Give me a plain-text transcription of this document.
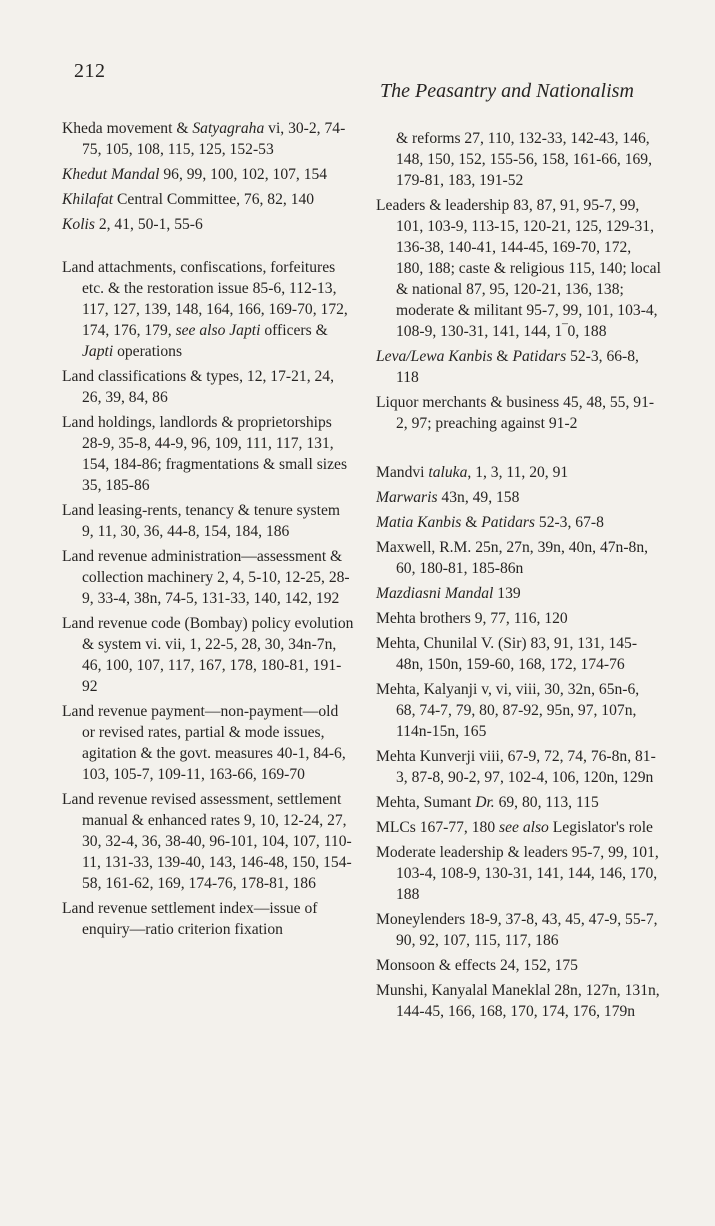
212
The Peasantry and Nationalism

Kheda movement & Satyagraha vi, 30-2, 74-75, 105, 108, 115, 125, 152-53

Khedut Mandal 96, 99, 100, 102, 107, 154

Khilafat Central Committee, 76, 82, 140

Kolis 2, 41, 50-1, 55-6

Land attachments, confiscations, forfeitures etc. & the restoration issue 85-6, 112-13, 117, 127, 139, 148, 164, 166, 169-70, 172, 174, 176, 179, see also Japti officers & Japti operations

Land classifications & types, 12, 17-21, 24, 26, 39, 84, 86

Land holdings, landlords & proprietorships 28-9, 35-8, 44-9, 96, 109, 111, 117, 131, 154, 184-86; fragmentations & small sizes 35, 185-86

Land leasing-rents, tenancy & tenure system 9, 11, 30, 36, 44-8, 154, 184, 186

Land revenue administration—assessment & collection machinery 2, 4, 5-10, 12-25, 28-9, 33-4, 38n, 74-5, 131-33, 140, 142, 192

Land revenue code (Bombay) policy evolution & system vi. vii, 1, 22-5, 28, 30, 34n-7n, 46, 100, 107, 117, 167, 178, 180-81, 191-92

Land revenue payment—non-payment—old or revised rates, partial & mode issues, agitation & the govt. measures 40-1, 84-6, 103, 105-7, 109-11, 163-66, 169-70

Land revenue revised assessment, settlement manual & enhanced rates 9, 10, 12-24, 27, 30, 32-4, 36, 38-40, 96-101, 104, 107, 110-11, 131-33, 139-40, 143, 146-48, 150, 154-58, 161-62, 169, 174-76, 178-81, 186

Land revenue settlement index—issue of enquiry—ratio criterion fixation

& reforms 27, 110, 132-33, 142-43, 146, 148, 150, 152, 155-56, 158, 161-66, 169, 179-81, 183, 191-52

Leaders & leadership 83, 87, 91, 95-7, 99, 101, 103-9, 113-15, 120-21, 125, 129-31, 136-38, 140-41, 144-45, 169-70, 172, 180, 188; caste & religious 115, 140; local & national 87, 95, 120-21, 136, 138; moderate & militant 95-7, 99, 101, 103-4, 108-9, 130-31, 141, 144, 1‾0, 188

Leva/Lewa Kanbis & Patidars 52-3, 66-8, 118

Liquor merchants & business 45, 48, 55, 91-2, 97; preaching against 91-2

Mandvi taluka, 1, 3, 11, 20, 91

Marwaris 43n, 49, 158

Matia Kanbis & Patidars 52-3, 67-8

Maxwell, R.M. 25n, 27n, 39n, 40n, 47n-8n, 60, 180-81, 185-86n

Mazdiasni Mandal 139

Mehta brothers 9, 77, 116, 120

Mehta, Chunilal V. (Sir) 83, 91, 131, 145-48n, 150n, 159-60, 168, 172, 174-76

Mehta, Kalyanji v, vi, viii, 30, 32n, 65n-6, 68, 74-7, 79, 80, 87-92, 95n, 97, 107n, 114n-15n, 165

Mehta Kunverji viii, 67-9, 72, 74, 76-8n, 81-3, 87-8, 90-2, 97, 102-4, 106, 120n, 129n

Mehta, Sumant Dr. 69, 80, 113, 115

MLCs 167-77, 180 see also Legislator's role

Moderate leadership & leaders 95-7, 99, 101, 103-4, 108-9, 130-31, 141, 144, 146, 170, 188

Moneylenders 18-9, 37-8, 43, 45, 47-9, 55-7, 90, 92, 107, 115, 117, 186

Monsoon & effects 24, 152, 175

Munshi, Kanyalal Maneklal 28n, 127n, 131n, 144-45, 166, 168, 170, 174, 176, 179n
